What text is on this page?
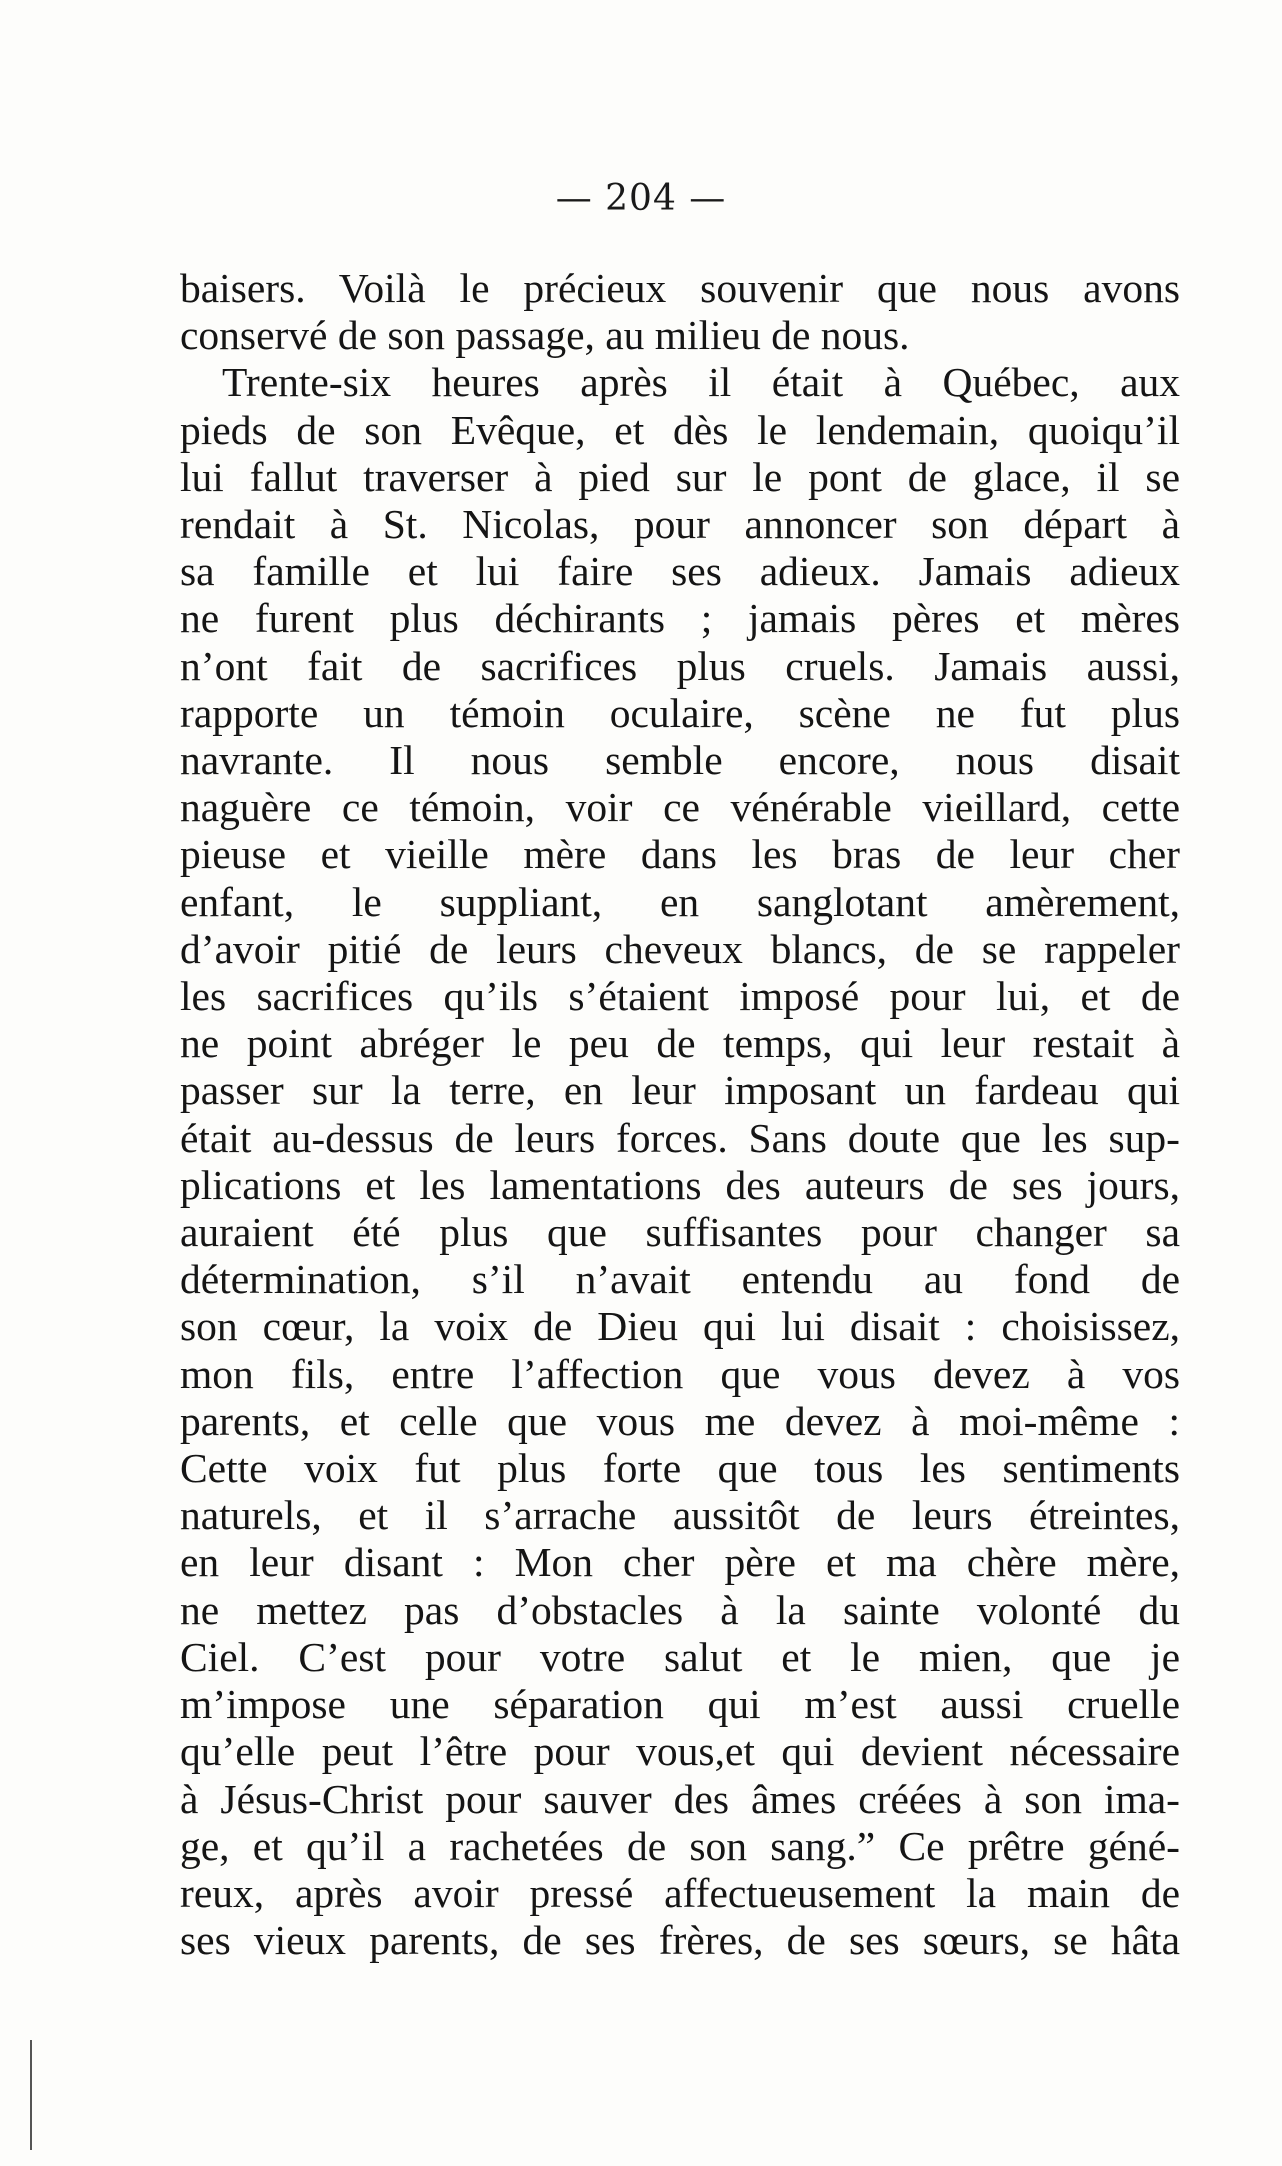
— 204 —
baisers. Voilà le précieux souvenir que nous avons
conservé de son passage, au milieu de nous.
Trente-six heures après il était à Québec, aux
pieds de son Evêque, et dès le lendemain, quoiqu’il
lui fallut traverser à pied sur le pont de glace, il se
rendait à St. Nicolas, pour annoncer son départ à
sa famille et lui faire ses adieux. Jamais adieux
ne furent plus déchirants ; jamais pères et mères
n’ont fait de sacrifices plus cruels. Jamais aussi,
rapporte un témoin oculaire, scène ne fut plus
navrante. Il nous semble encore, nous disait
naguère ce témoin, voir ce vénérable vieillard, cette
pieuse et vieille mère dans les bras de leur cher
enfant, le suppliant, en sanglotant amèrement,
d’avoir pitié de leurs cheveux blancs, de se rappeler
les sacrifices qu’ils s’étaient imposé pour lui, et de
ne point abréger le peu de temps, qui leur restait à
passer sur la terre, en leur imposant un fardeau qui
était au-dessus de leurs forces. Sans doute que les sup-
plications et les lamentations des auteurs de ses jours,
auraient été plus que suffisantes pour changer sa
détermination, s’il n’avait entendu au fond de
son cœur, la voix de Dieu qui lui disait : choisissez,
mon fils, entre l’affection que vous devez à vos
parents, et celle que vous me devez à moi-même :
Cette voix fut plus forte que tous les sentiments
naturels, et il s’arrache aussitôt de leurs étreintes,
en leur disant : Mon cher père et ma chère mère,
ne mettez pas d’obstacles à la sainte volonté du
Ciel. C’est pour votre salut et le mien, que je
m’impose une séparation qui m’est aussi cruelle
qu’elle peut l’être pour vous,et qui devient nécessaire
à Jésus-Christ pour sauver des âmes créées à son ima-
ge, et qu’il a rachetées de son sang.” Ce prêtre géné-
reux, après avoir pressé affectueusement la main de
ses vieux parents, de ses frères, de ses sœurs, se hâta
